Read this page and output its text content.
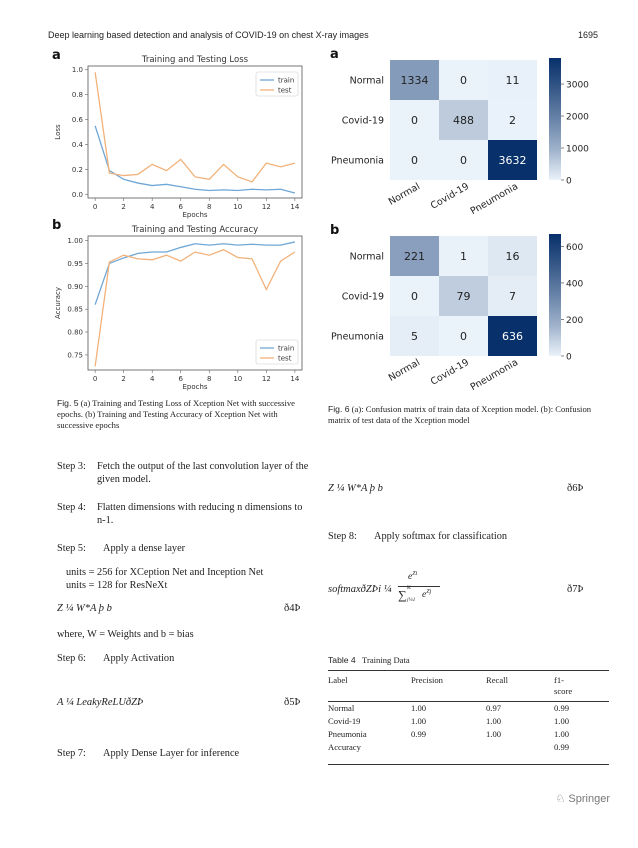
Deep learning based detection and analysis of COVID-19 on chest X-ray images	1695
a	Training and Testing Loss
0.0
0.2
0.4
0.6
0.8
1.0
0	2	4	6	8	10	12	14
Epochs
Loss
train
test
b	Training and Testing Accuracy
0.75
0.80
0.85
0.90
0.95
1.00
0	2	4	6	8	10	12	14
Epochs
Accuracy
train
test
Fig. 5 (a) Training and Testing Loss of Xception Net with successive epochs. (b) Training and Testing Accuracy of Xception Net with successive epochs
a
1334	0	11
0	488	2
0	0	3632
Normal
Covid-19
Pneumonia
Normal Covid-19
Pneumonia	0
1000
2000
3000
b
221	1	16
0	79	7
5	0	636
Normal
Covid-19
Pneumonia
Normal Covid-19
Pneumonia	0
200
400
600
Fig. 6 (a): Confusion matrix of train data of Xception model. (b): Confusion matrix of test data of the Xception model
Step 3:	Fetch the output of the last convolution layer of the given model.
Step 4:	Flatten dimensions with reducing n dimensions to n-1.
Step 5: Apply a dense layer
units = 256 for XCeption Net and Inception Net
units = 128 for ResNeXt
Z ¼ W*A þ b	ð4Þ
where, W = Weights and b = bias
Step 6: Apply Activation
A ¼ LeakyReLUðZÞ	ð5Þ
Step 7: Apply Dense Layer for inference
Z ¼ W*A þ b	ð6Þ
Step 8: Apply softmax for classification
softmaxðZÞi ¼
$e^{Zi}$
∑ K
j¼1 $e^{Zj}$	ð7Þ
Table 4 Training Data
Label	Precision	Recall	f1-
score

Normal	1.00	0.97	0.99
Covid-19	1.00	1.00	1.00
Pneumonia	0.99	1.00	1.00
Accuracy			0.99
♘ Springer
